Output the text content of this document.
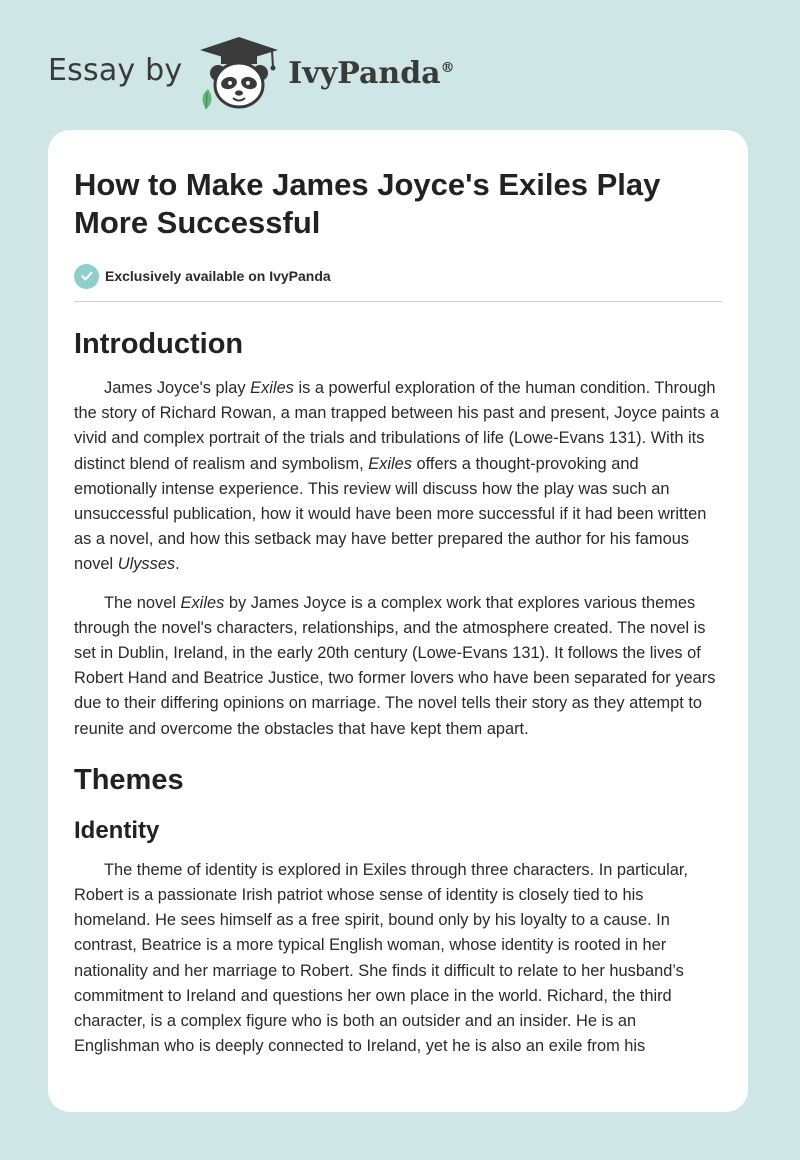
Essay by	IvyPanda®
How to Make James Joyce's Exiles Play More Successful
Exclusively available on IvyPanda
Introduction

James Joyce's play Exiles is a powerful exploration of the human condition. Through the story of Richard Rowan, a man trapped between his past and present, Joyce paints a vivid and complex portrait of the trials and tribulations of life (Lowe-Evans 131). With its distinct blend of realism and symbolism, Exiles offers a thought-provoking and emotionally intense experience. This review will discuss how the play was such an unsuccessful publication, how it would have been more successful if it had been written as a novel, and how this setback may have better prepared the author for his famous novel Ulysses.

The novel Exiles by James Joyce is a complex work that explores various themes through the novel's characters, relationships, and the atmosphere created. The novel is set in Dublin, Ireland, in the early 20th century (Lowe-Evans 131). It follows the lives of Robert Hand and Beatrice Justice, two former lovers who have been separated for years due to their differing opinions on marriage. The novel tells their story as they attempt to reunite and overcome the obstacles that have kept them apart.

Themes
Identity

The theme of identity is explored in Exiles through three characters. In particular, Robert is a passionate Irish patriot whose sense of identity is closely tied to his homeland. He sees himself as a free spirit, bound only by his loyalty to a cause. In contrast, Beatrice is a more typical English woman, whose identity is rooted in her nationality and her marriage to Robert. She finds it difficult to relate to her husband’s commitment to Ireland and questions her own place in the world. Richard, the third character, is a complex figure who is both an outsider and an insider. He is an Englishman who is deeply connected to Ireland, yet he is also an exile from his
